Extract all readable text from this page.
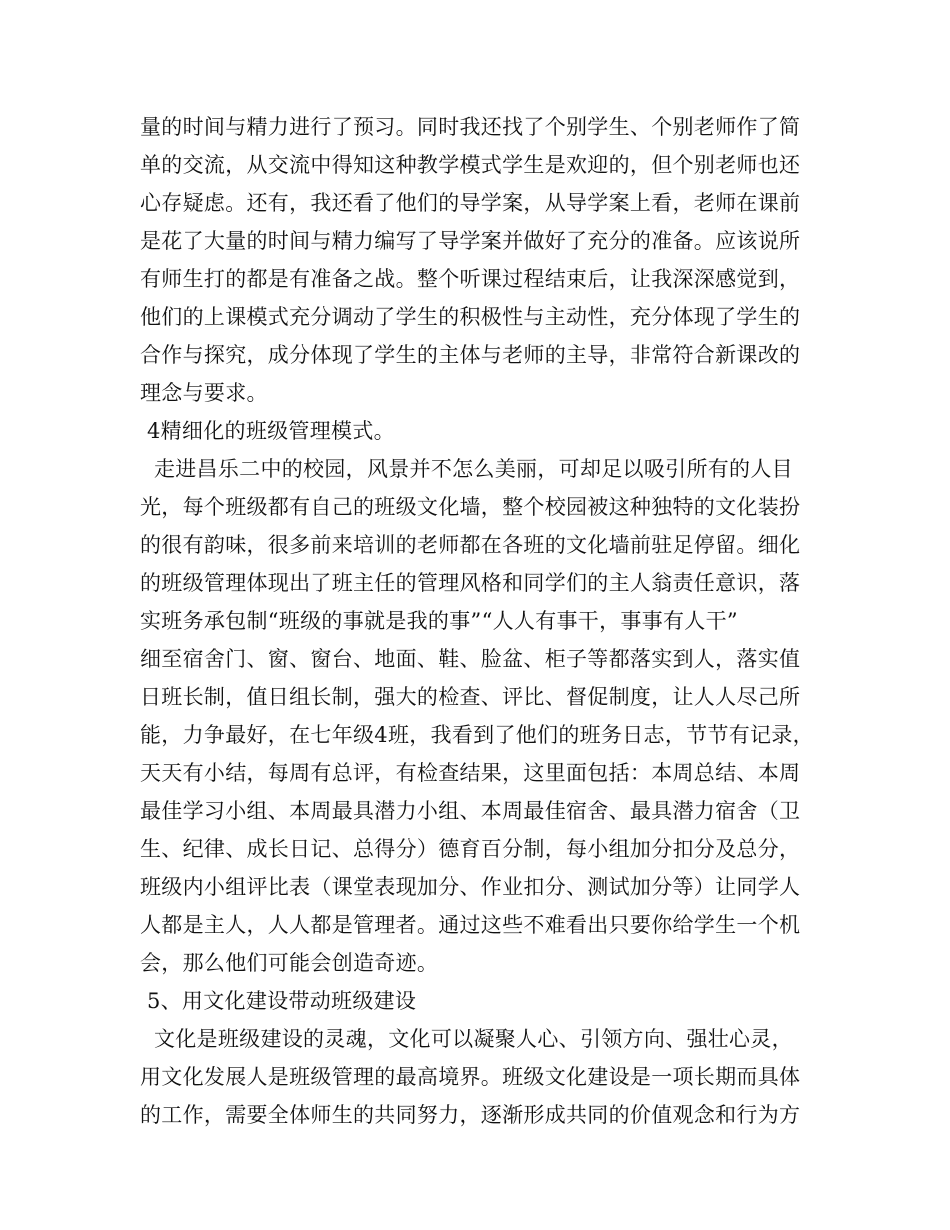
量的时间与精力进行了预习。同时我还找了个别学生、个别老师作了简
单的交流，从交流中得知这种教学模式学生是欢迎的，但个别老师也还
心存疑虑。还有，我还看了他们的导学案，从导学案上看，老师在课前
是花了大量的时间与精力编写了导学案并做好了充分的准备。应该说所
有师生打的都是有准备之战。整个听课过程结束后，让我深深感觉到，
他们的上课模式充分调动了学生的积极性与主动性，充分体现了学生的
合作与探究，成分体现了学生的主体与老师的主导，非常符合新课改的
理念与要求。
4精细化的班级管理模式。
走进昌乐二中的校园，风景并不怎么美丽，可却足以吸引所有的人目
光，每个班级都有自己的班级文化墙，整个校园被这种独特的文化装扮
的很有韵味，很多前来培训的老师都在各班的文化墙前驻足停留。细化
的班级管理体现出了班主任的管理风格和同学们的主人翁责任意识，落
实班务承包制“班级的事就是我的事”“人人有事干，事事有人干”
细至宿舍门、窗、窗台、地面、鞋、脸盆、柜子等都落实到人，落实值
日班长制，值日组长制，强大的检查、评比、督促制度，让人人尽己所
能，力争最好，在七年级4班，我看到了他们的班务日志，节节有记录，
天天有小结，每周有总评，有检查结果，这里面包括：本周总结、本周
最佳学习小组、本周最具潜力小组、本周最佳宿舍、最具潜力宿舍（卫
生、纪律、成长日记、总得分）德育百分制，每小组加分扣分及总分，
班级内小组评比表（课堂表现加分、作业扣分、测试加分等）让同学人
人都是主人，人人都是管理者。通过这些不难看出只要你给学生一个机
会，那么他们可能会创造奇迹。
5、用文化建设带动班级建设
文化是班级建设的灵魂，文化可以凝聚人心、引领方向、强壮心灵，
用文化发展人是班级管理的最高境界。班级文化建设是一项长期而具体
的工作，需要全体师生的共同努力，逐渐形成共同的价值观念和行为方
